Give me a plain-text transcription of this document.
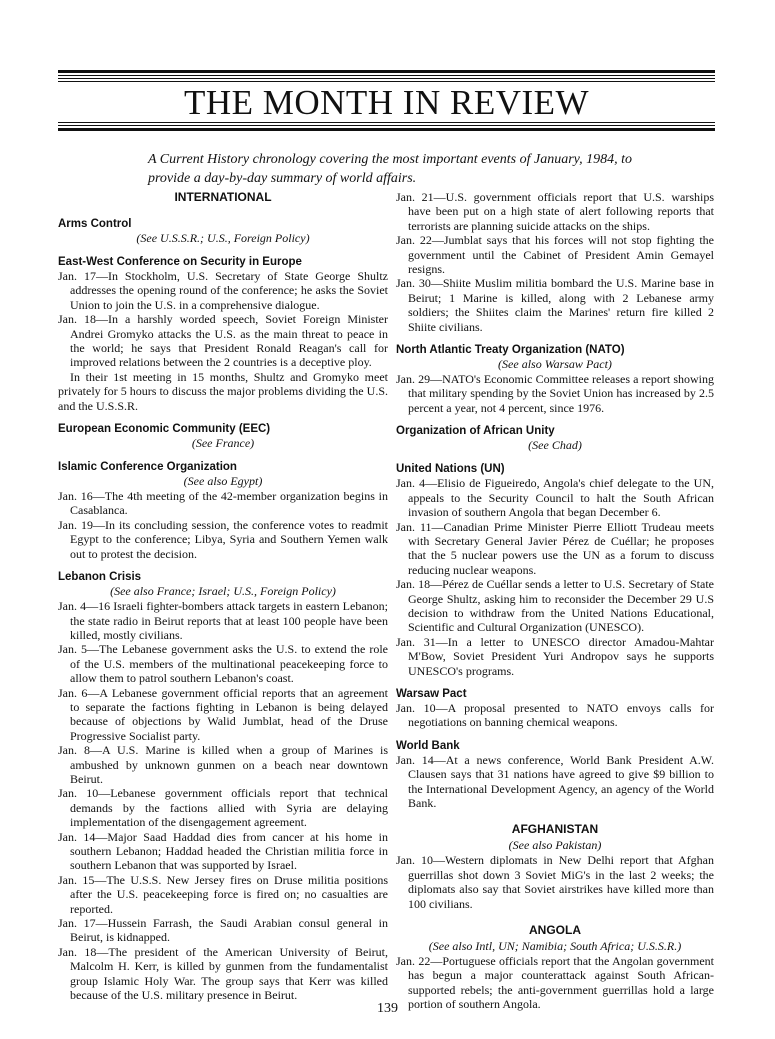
THE MONTH IN REVIEW
A Current History chronology covering the most important events of January, 1984, to provide a day-by-day summary of world affairs.

INTERNATIONAL

Arms Control

(See U.S.S.R.; U.S., Foreign Policy)

East-West Conference on Security in Europe

Jan. 17—In Stockholm, U.S. Secretary of State George Shultz addresses the opening round of the conference; he asks the Soviet Union to join the U.S. in a comprehensive dialogue.

Jan. 18—In a harshly worded speech, Soviet Foreign Minister Andrei Gromyko attacks the U.S. as the main threat to peace in the world; he says that President Ronald Reagan's call for improved relations between the 2 countries is a deceptive ploy.

In their 1st meeting in 15 months, Shultz and Gromyko meet privately for 5 hours to discuss the major problems dividing the U.S. and the U.S.S.R.

European Economic Community (EEC)

(See France)

Islamic Conference Organization

(See also Egypt)

Jan. 16—The 4th meeting of the 42-member organization begins in Casablanca.

Jan. 19—In its concluding session, the conference votes to readmit Egypt to the conference; Libya, Syria and Southern Yemen walk out to protest the decision.

Lebanon Crisis

(See also France; Israel; U.S., Foreign Policy)

Jan. 4—16 Israeli fighter-bombers attack targets in eastern Lebanon; the state radio in Beirut reports that at least 100 people have been killed, mostly civilians.

Jan. 5—The Lebanese government asks the U.S. to extend the role of the U.S. members of the multinational peacekeeping force to allow them to patrol southern Lebanon's coast.

Jan. 6—A Lebanese government official reports that an agreement to separate the factions fighting in Lebanon is being delayed because of objections by Walid Jumblat, head of the Druse Progressive Socialist party.

Jan. 8—A U.S. Marine is killed when a group of Marines is ambushed by unknown gunmen on a beach near downtown Beirut.

Jan. 10—Lebanese government officials report that technical demands by the factions allied with Syria are delaying implementation of the disengagement agreement.

Jan. 14—Major Saad Haddad dies from cancer at his home in southern Lebanon; Haddad headed the Christian militia force in southern Lebanon that was supported by Israel.

Jan. 15—The U.S.S. New Jersey fires on Druse militia positions after the U.S. peacekeeping force is fired on; no casualties are reported.

Jan. 17—Hussein Farrash, the Saudi Arabian consul general in Beirut, is kidnapped.

Jan. 18—The president of the American University of Beirut, Malcolm H. Kerr, is killed by gunmen from the fundamentalist group Islamic Holy War. The group says that Kerr was killed because of the U.S. military presence in Beirut.

Jan. 21—U.S. government officials report that U.S. warships have been put on a high state of alert following reports that terrorists are planning suicide attacks on the ships.

Jan. 22—Jumblat says that his forces will not stop fighting the government until the Cabinet of President Amin Gemayel resigns.

Jan. 30—Shiite Muslim militia bombard the U.S. Marine base in Beirut; 1 Marine is killed, along with 2 Lebanese army soldiers; the Shiites claim the Marines' return fire killed 2 Shiite civilians.

North Atlantic Treaty Organization (NATO)

(See also Warsaw Pact)

Jan. 29—NATO's Economic Committee releases a report showing that military spending by the Soviet Union has increased by 2.5 percent a year, not 4 percent, since 1976.

Organization of African Unity

(See Chad)

United Nations (UN)

Jan. 4—Elisio de Figueiredo, Angola's chief delegate to the UN, appeals to the Security Council to halt the South African invasion of southern Angola that began December 6.

Jan. 11—Canadian Prime Minister Pierre Elliott Trudeau meets with Secretary General Javier Pérez de Cuéllar; he proposes that the 5 nuclear powers use the UN as a forum to discuss reducing nuclear weapons.

Jan. 18—Pérez de Cuéllar sends a letter to U.S. Secretary of State George Shultz, asking him to reconsider the December 29 U.S decision to withdraw from the United Nations Educational, Scientific and Cultural Organization (UNESCO).

Jan. 31—In a letter to UNESCO director Amadou-Mahtar M'Bow, Soviet President Yuri Andropov says he supports UNESCO's programs.

Warsaw Pact

Jan. 10—A proposal presented to NATO envoys calls for negotiations on banning chemical weapons.

World Bank

Jan. 14—At a news conference, World Bank President A.W. Clausen says that 31 nations have agreed to give $9 billion to the International Development Agency, an agency of the World Bank.

AFGHANISTAN

(See also Pakistan)

Jan. 10—Western diplomats in New Delhi report that Afghan guerrillas shot down 3 Soviet MiG's in the last 2 weeks; the diplomats also say that Soviet airstrikes have killed more than 100 civilians.

ANGOLA

(See also Intl, UN; Namibia; South Africa; U.S.S.R.)

Jan. 22—Portuguese officials report that the Angolan government has begun a major counterattack against South African-supported rebels; the anti-government guerrillas hold a large portion of southern Angola.

139
